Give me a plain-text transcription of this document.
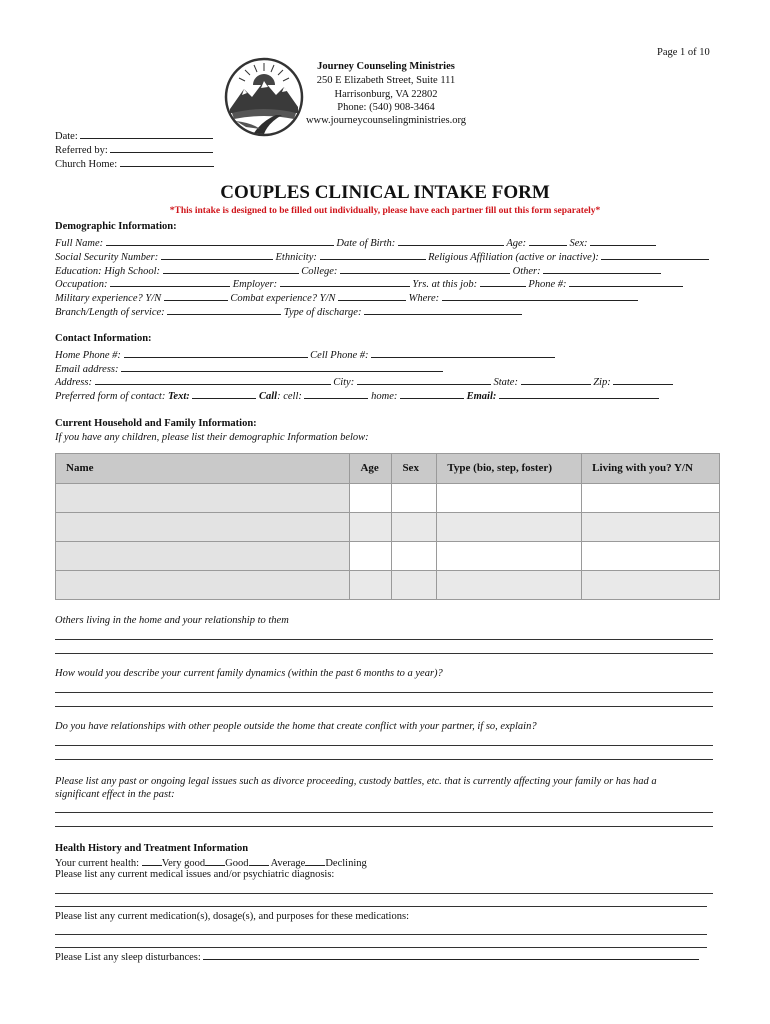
Page 1 of 10
Journey Counseling Ministries
250 E Elizabeth Street, Suite 111
Harrisonburg, VA 22802
Phone: (540) 908-3464
www.journeycounselingministries.org
Date:
Referred by:
Church Home:
COUPLES CLINICAL INTAKE FORM
*This intake is designed to be filled out individually, please have each partner fill out this form separately*
Demographic Information:
Full Name:	Date of Birth:	Age:	Sex:
Social Security Number:	Ethnicity:	Religious Affiliation (active or inactive):
Education: High School:	College:	Other:
Occupation:	Employer:	Yrs. at this job:	Phone #:
Military experience? Y/N	Combat experience? Y/N	Where:
Branch/Length of service:	Type of discharge:
Contact Information:
Home Phone #:	Cell Phone #:
Email address:
Address:	City:	State:	Zip:
Preferred form of contact: Text:	Call: cell:	home:	Email:
Current Household and Family Information:
If you have any children, please list their demographic Information below:
Name	Age	Sex	Type (bio, step, foster)	Living with you? Y/N

Others living in the home and your relationship to them
How would you describe your current family dynamics (within the past 6 months to a year)?
Do you have relationships with other people outside the home that create conflict with your partner, if so, explain?
Please list any past or ongoing legal issues such as divorce proceeding, custody battles, etc. that is currently affecting your family or has had a
significant effect in the past:
Health History and Treatment Information
Your current health: Very good Good Average Declining
Please list any current medical issues and/or psychiatric diagnosis:
Please list any current medication(s), dosage(s), and purposes for these medications:
Please List any sleep disturbances:
